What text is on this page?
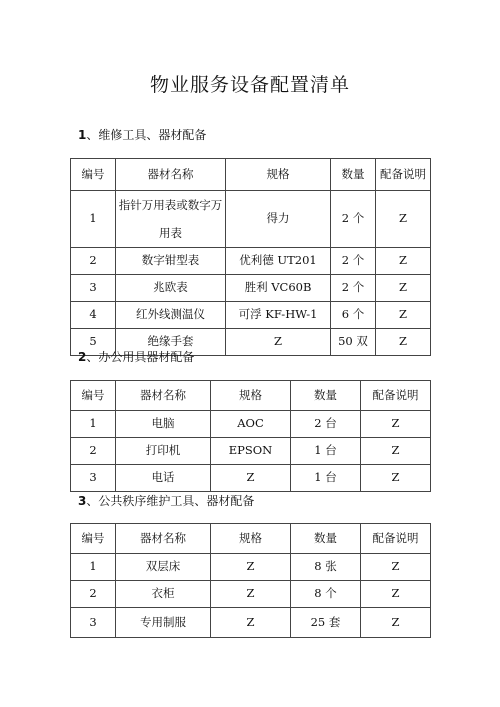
物业服务设备配置清单
1、维修工具、器材配备
编号	器材名称	规格	数量	配备说明
1	指针万用表或数字万用表	得力	2 个	Z
2	数字钳型表	优利德 UT201	2 个	Z
3	兆欧表	胜利 VC60B	2 个	Z
4	红外线测温仪	可浮 KF-HW-1	6 个	Z
5	绝缘手套	Z	50 双	Z
2、办公用具器材配备
编号	器材名称	规格	数量	配备说明
1	电脑	AOC	2 台	Z
2	打印机	EPSON	1 台	Z
3	电话	Z	1 台	Z
3、公共秩序维护工具、器材配备
编号	器材名称	规格	数量	配备说明
1	双层床	Z	8 张	Z
2	衣柜	Z	8 个	Z
3	专用制服	Z	25 套	Z
